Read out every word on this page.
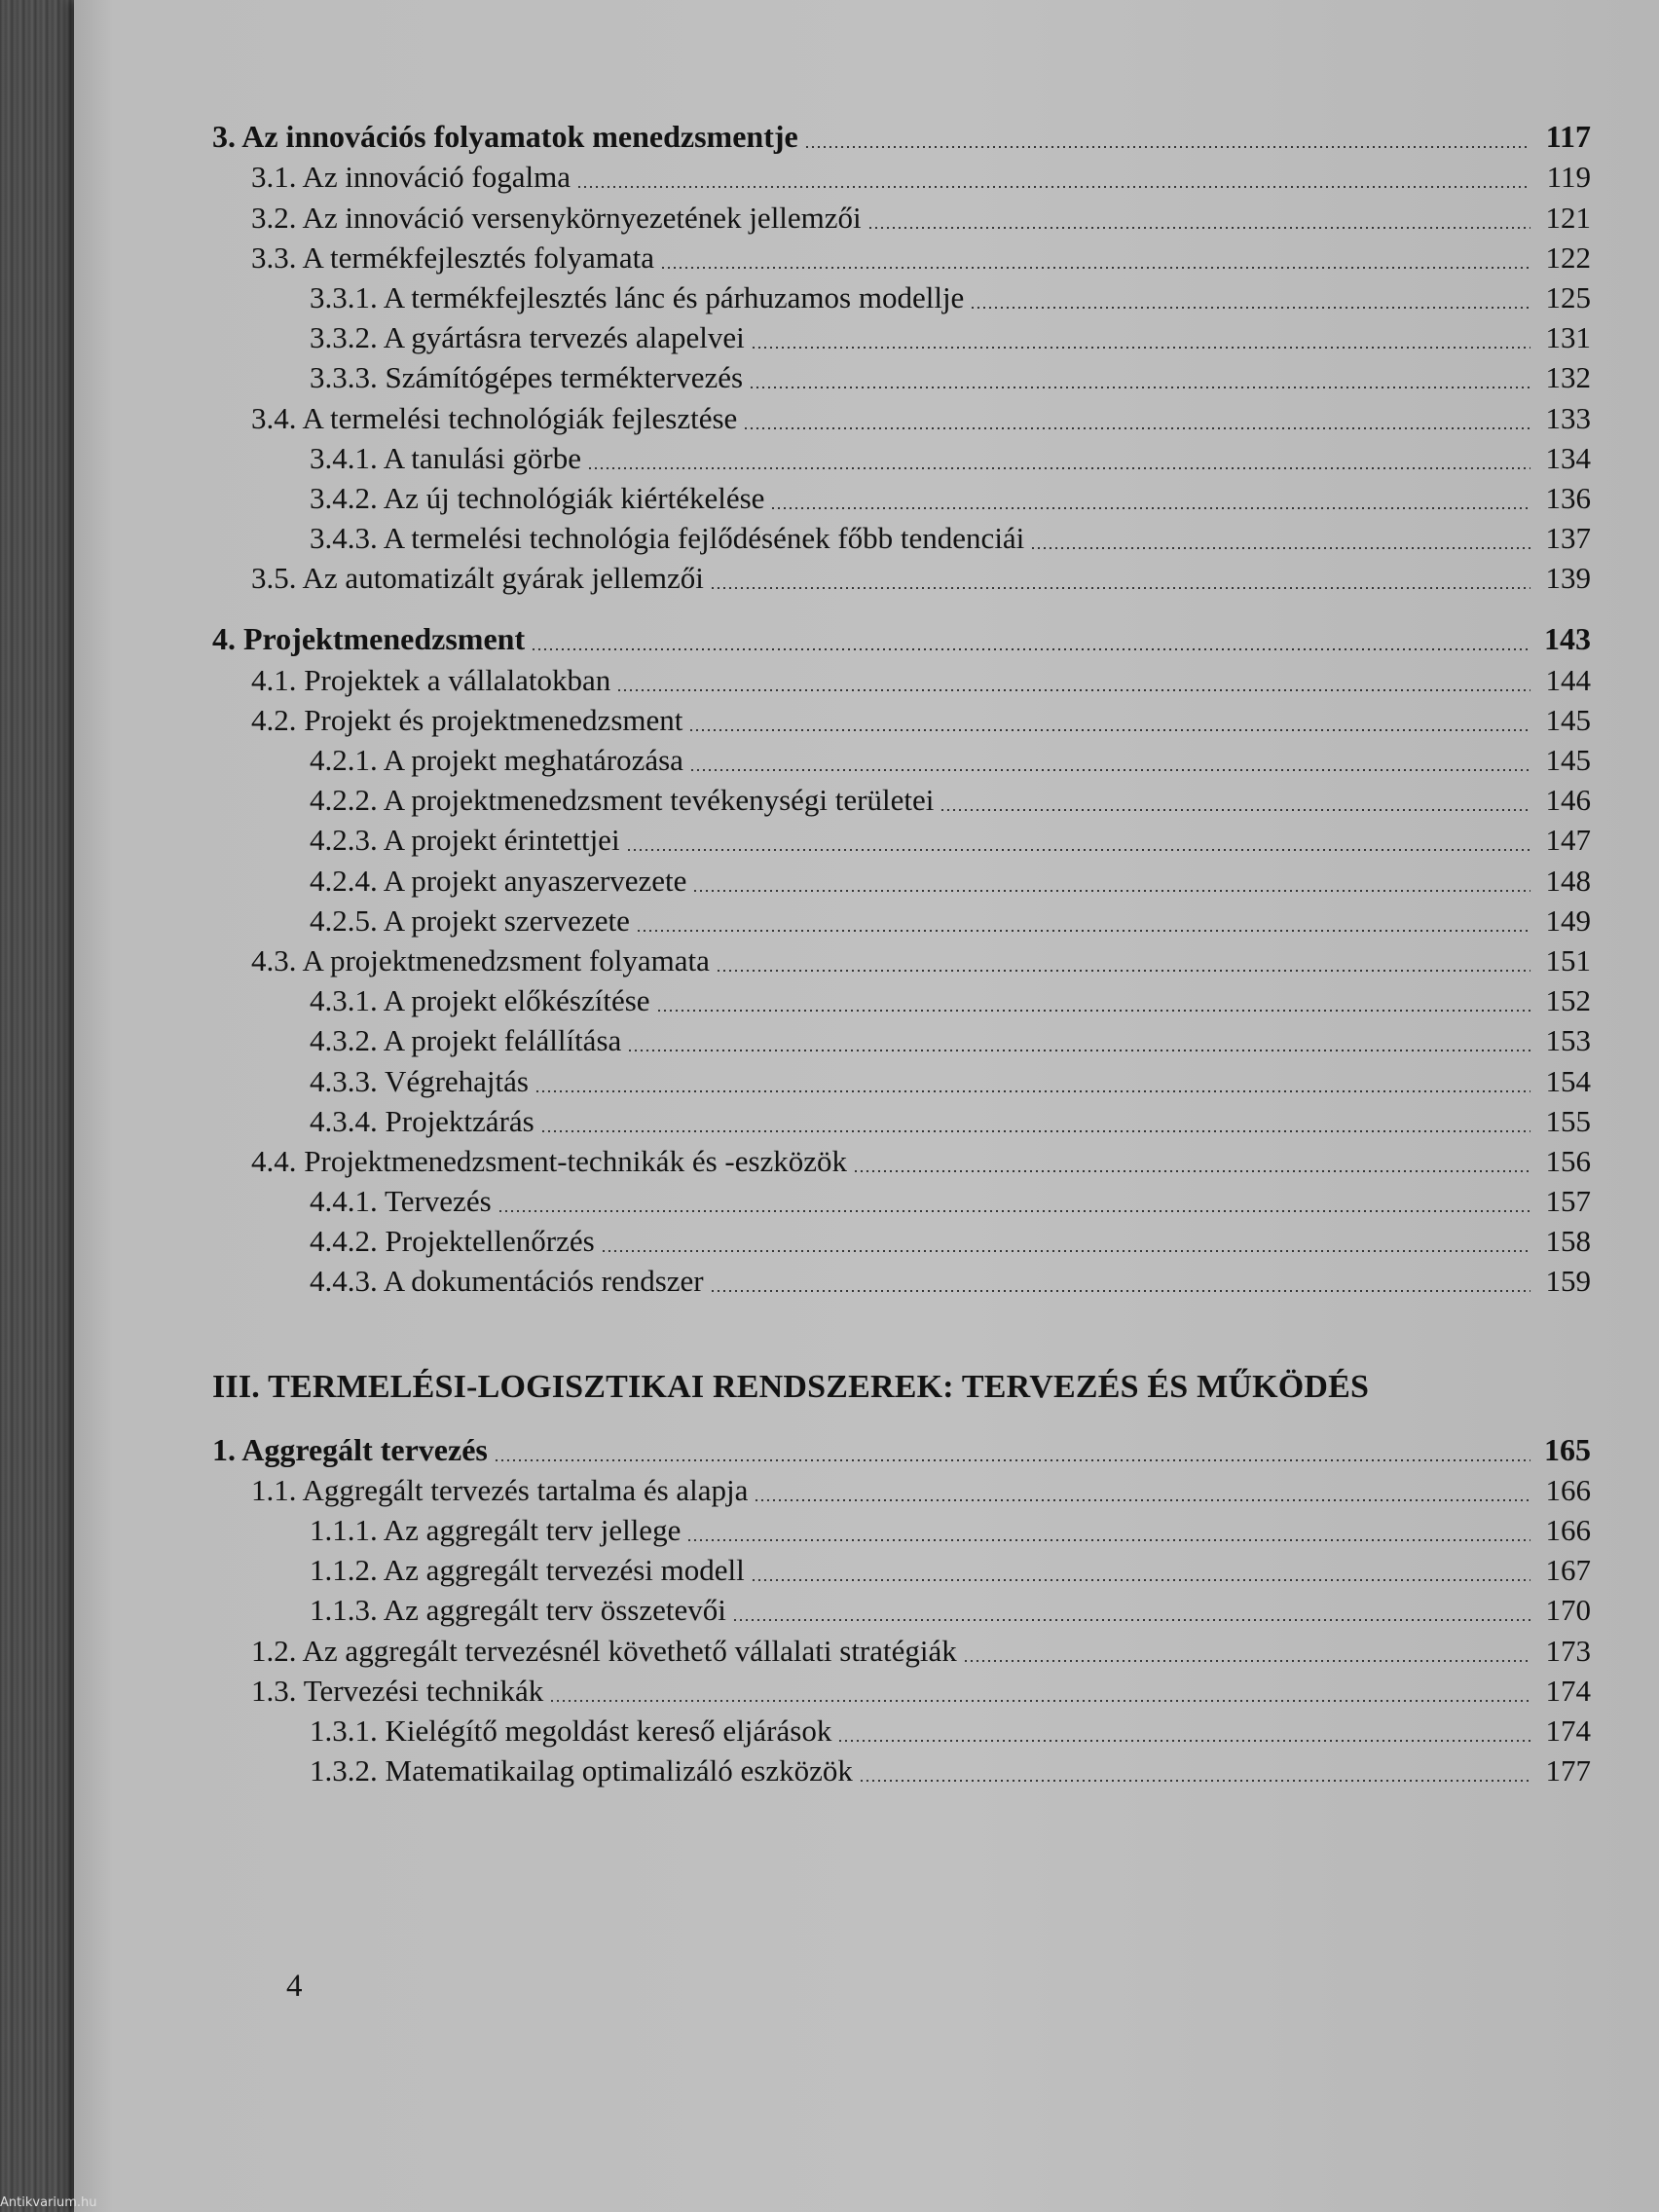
3. Az innovációs folyamatok menedzsmentje	117
3.1. Az innováció fogalma	119
3.2. Az innováció versenykörnyezetének jellemzői	121
3.3. A termékfejlesztés folyamata	122
3.3.1. A termékfejlesztés lánc és párhuzamos modellje	125
3.3.2. A gyártásra tervezés alapelvei	131
3.3.3. Számítógépes terméktervezés	132
3.4. A termelési technológiák fejlesztése	133
3.4.1. A tanulási görbe	134
3.4.2. Az új technológiák kiértékelése	136
3.4.3. A termelési technológia fejlődésének főbb tendenciái	137
3.5. Az automatizált gyárak jellemzői	139
4. Projektmenedzsment	143
4.1. Projektek a vállalatokban	144
4.2. Projekt és projektmenedzsment	145
4.2.1. A projekt meghatározása	145
4.2.2. A projektmenedzsment tevékenységi területei	146
4.2.3. A projekt érintettjei	147
4.2.4. A projekt anyaszervezete	148
4.2.5. A projekt szervezete	149
4.3. A projektmenedzsment folyamata	151
4.3.1. A projekt előkészítése	152
4.3.2. A projekt felállítása	153
4.3.3. Végrehajtás	154
4.3.4. Projektzárás	155
4.4. Projektmenedzsment-technikák és -eszközök	156
4.4.1. Tervezés	157
4.4.2. Projektellenőrzés	158
4.4.3. A dokumentációs rendszer	159
III. TERMELÉSI-LOGISZTIKAI RENDSZEREK: TERVEZÉS ÉS MŰKÖDÉS
1. Aggregált tervezés	165
1.1. Aggregált tervezés tartalma és alapja	166
1.1.1. Az aggregált terv jellege	166
1.1.2. Az aggregált tervezési modell	167
1.1.3. Az aggregált terv összetevői	170
1.2. Az aggregált tervezésnél követhető vállalati stratégiák	173
1.3. Tervezési technikák	174
1.3.1. Kielégítő megoldást kereső eljárások	174
1.3.2. Matematikailag optimalizáló eszközök	177
4
Antikvarium.hu
